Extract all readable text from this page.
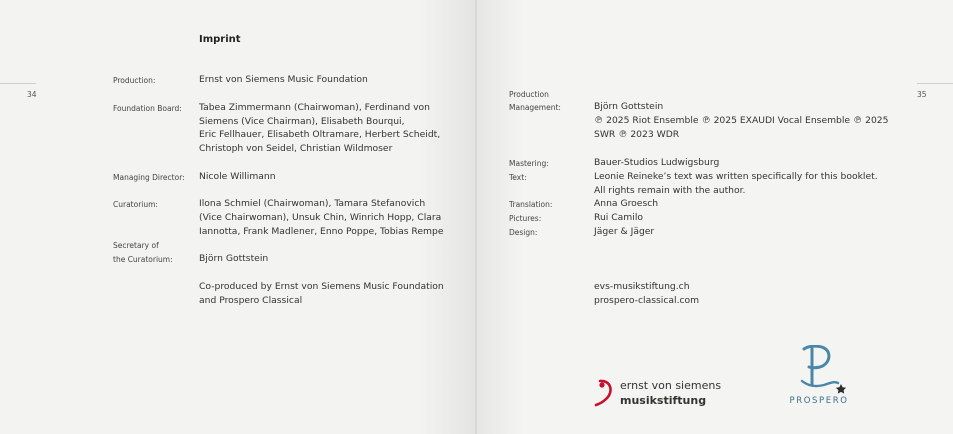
34	35
Imprint
Production:	Ernst von Siemens Music Foundation
Foundation Board: Tabea Zimmermann (Chairwoman), Ferdinand von
Siemens (Vice Chairman), Elisabeth Bourqui,
Eric Fellhauer, Elisabeth Oltramare, Herbert Scheidt,
Christoph von Seidel, Christian Wildmoser
Managing Director: Nicole Willimann
Curatorium:	Ilona Schmiel (Chairwoman), Tamara Stefanovich
(Vice Chairwoman), Unsuk Chin, Winrich Hopp, Clara
Iannotta, Frank Madlener, Enno Poppe, Tobias Rempe
Secretary of
the Curatorium:	Björn Gottstein
Co-produced by Ernst von Siemens Music Foundation
and Prospero Classical
Production
Management:	Björn Gottstein
℗ 2025 Riot Ensemble ℗ 2025 EXAUDI Vocal Ensemble ℗ 2025
SWR ℗ 2023 WDR
Mastering:	Bauer-Studios Ludwigsburg
Text:	Leonie Reineke’s text was written specifically for this booklet.
All rights remain with the author.
Translation:	Anna Groesch
Pictures:	Rui Camilo
Design:	Jäger & Jäger
evs-musikstiftung.ch
prospero-classical.com
ernst von siemens
musikstiftung	PROSPERO
